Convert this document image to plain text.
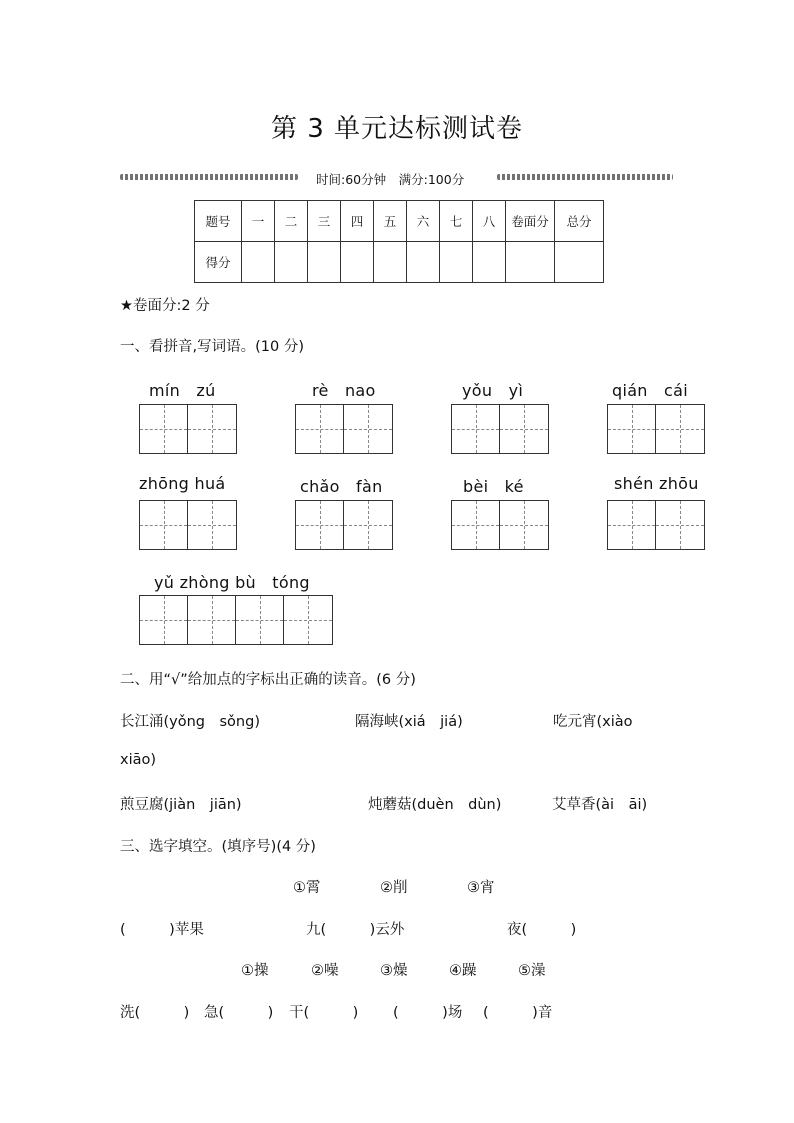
第 3 单元达标测试卷
时间:60分钟　满分:100分
题号	一	二	三	四	五	六	七	八	卷面分	总分
得分										
★卷面分:2 分
一、看拼音,写词语。(10 分)
mín　zú	rè　nao	yǒu　yì	qián　cái
zhōng huá	chǎo　fàn	bèi　ké	shén zhōu
yǔ zhòng bù　tóng
二、用“√”给加点的字标出正确的读音。(6 分)
长江涌(yǒng　sǒng)	隔海峡(xiá　jiá)	吃元宵(xiào
xiāo)
煎豆腐(jiàn　jiān)	炖蘑菇(duèn　dùn)	艾草香(ài　āi)
三、选字填空。(填序号)(4 分)
①霄	②削	③宵
(　　　)苹果	九(　　　)云外	夜(　　　)
①操	②噪	③燥	④躁	⑤澡
洗(　　　) 急(　　　) 干(　　　) (　　　)场 (　　　)音
